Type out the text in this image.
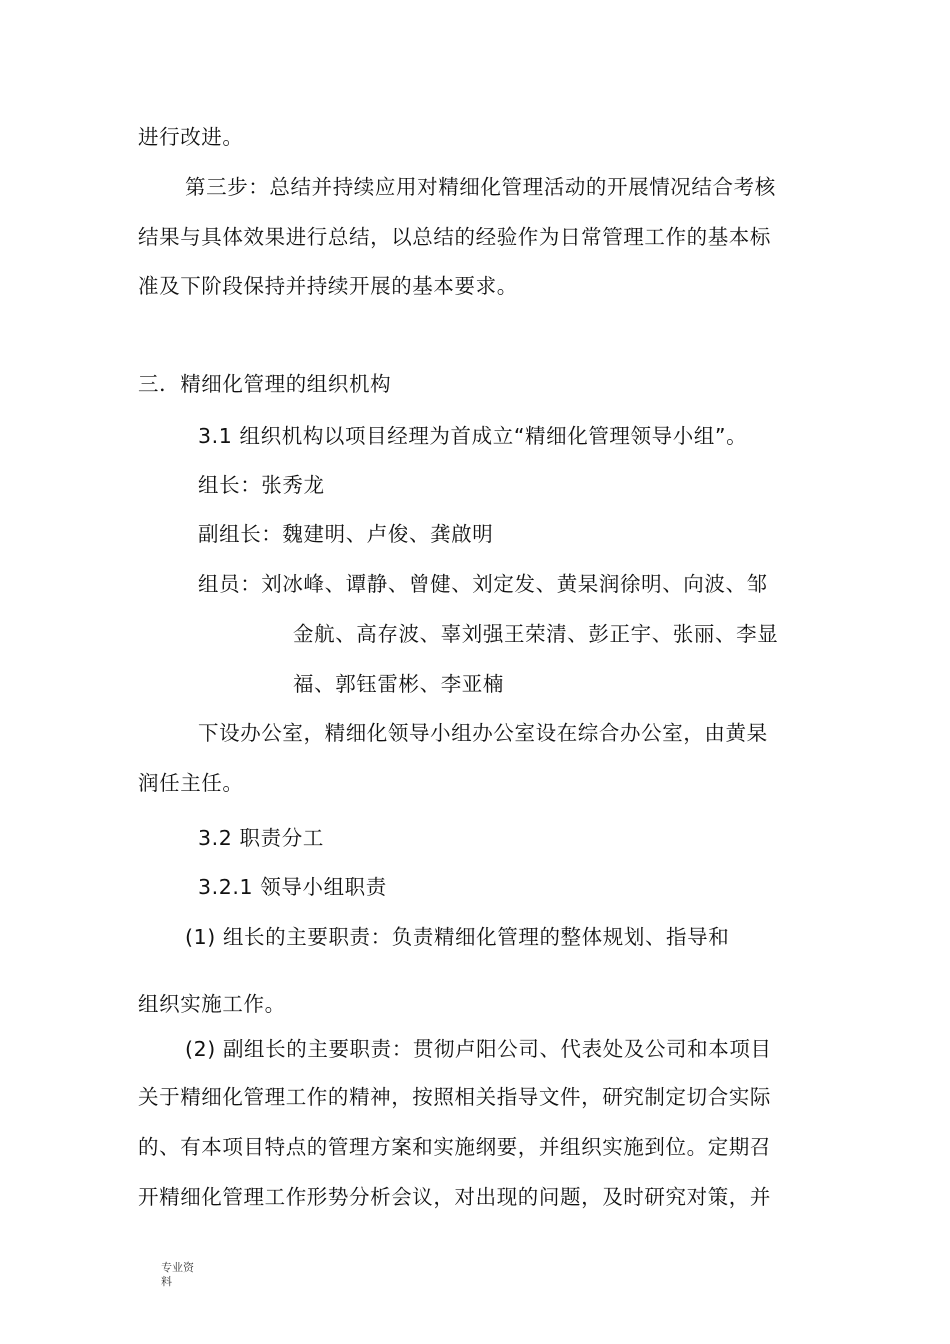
进行改进。
第三步：总结并持续应用对精细化管理活动的开展情况结合考核
结果与具体效果进行总结，以总结的经验作为日常管理工作的基本标
准及下阶段保持并持续开展的基本要求。
三．精细化管理的组织机构
3.1 组织机构以项目经理为首成立“精细化管理领导小组”。
组长：张秀龙
副组长：魏建明、卢俊、龚啟明
组员：刘冰峰、谭静、曾健、刘定发、黄杲润徐明、向波、邹
金航、高存波、辜刘强王荣清、彭正宇、张丽、李显
福、郭钰雷彬、李亚楠
下设办公室，精细化领导小组办公室设在综合办公室，由黄杲
润任主任。
3.2 职责分工
3.2.1 领导小组职责
(1) 组长的主要职责：负责精细化管理的整体规划、指导和
组织实施工作。
(2) 副组长的主要职责：贯彻卢阳公司、代表处及公司和本项目
关于精细化管理工作的精神，按照相关指导文件，研究制定切合实际
的、有本项目特点的管理方案和实施纲要，并组织实施到位。定期召
开精细化管理工作形势分析会议，对出现的问题，及时研究对策，并
专业资
料
